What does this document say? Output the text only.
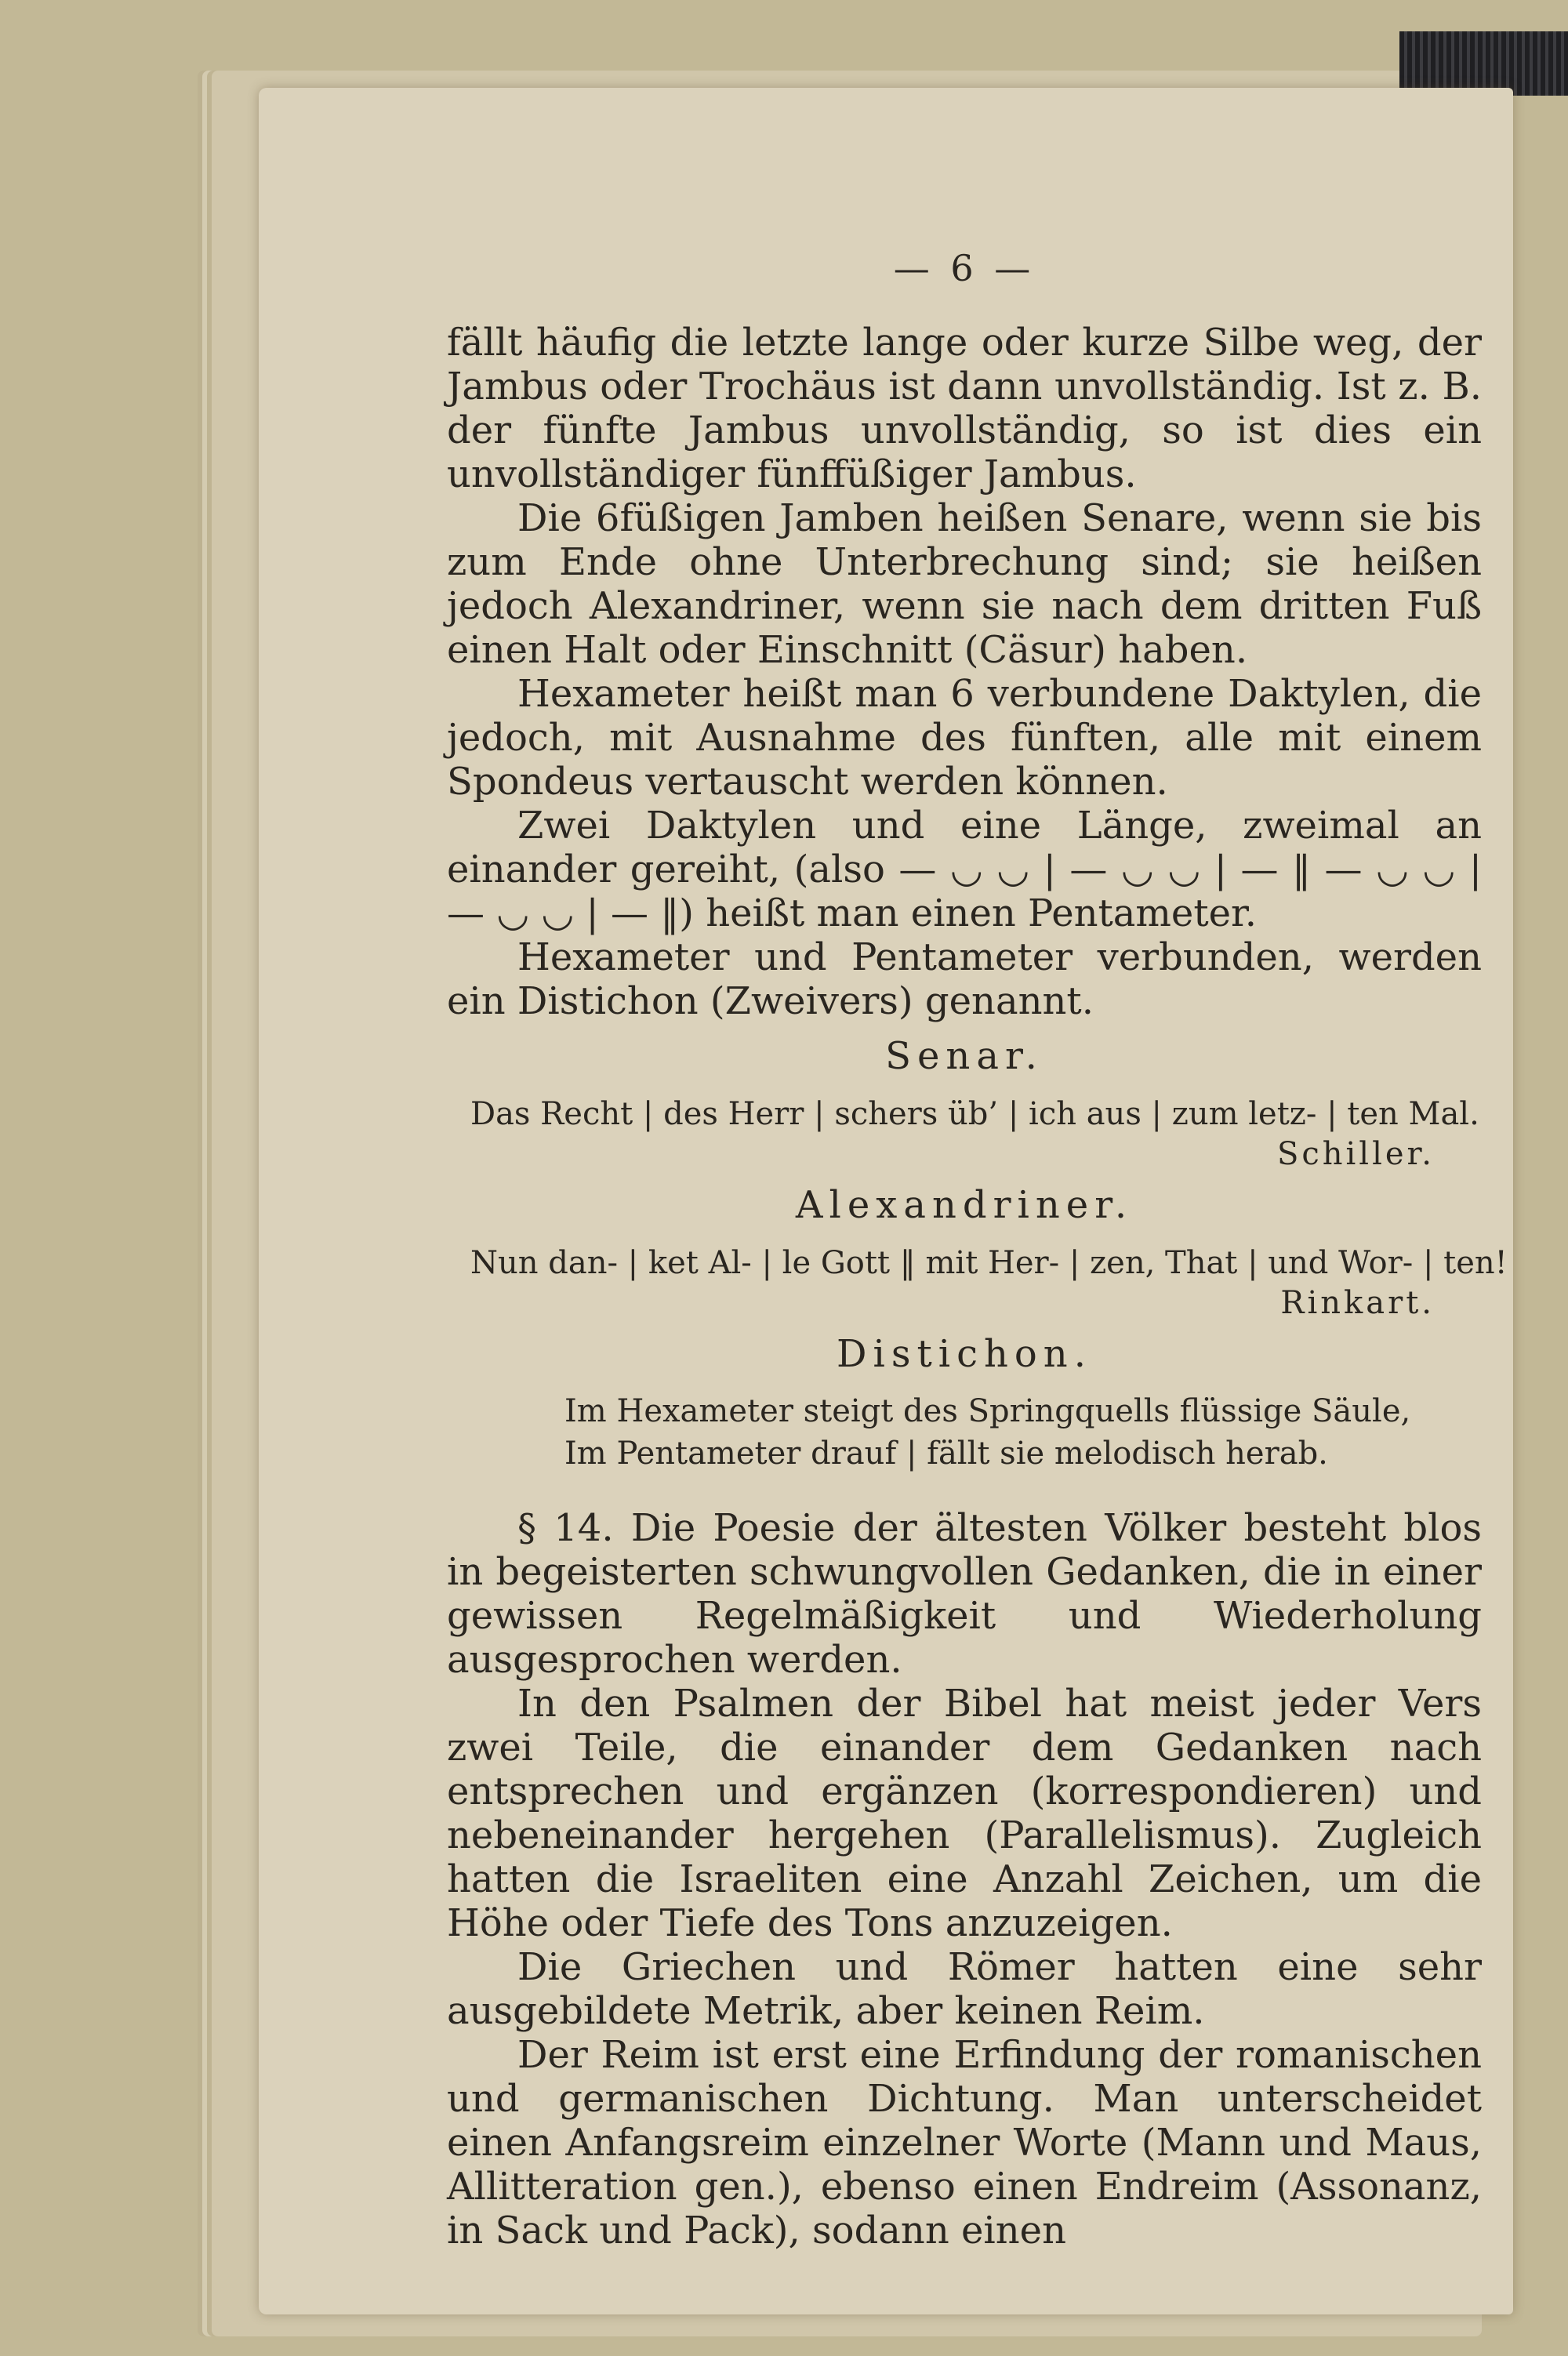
— 6 —

fällt häufig die letzte lange oder kurze Silbe weg, der Jambus oder Trochäus ist dann unvollständig. Ist z. B. der fünfte Jambus unvollständig, so ist dies ein unvollständiger fünffüßiger Jambus.

Die 6füßigen Jamben heißen Senare, wenn sie bis zum Ende ohne Unterbrechung sind; sie heißen jedoch Alexandriner, wenn sie nach dem dritten Fuß einen Halt oder Einschnitt (Cäsur) haben.

Hexameter heißt man 6 verbundene Daktylen, die jedoch, mit Ausnahme des fünften, alle mit einem Spondeus vertauscht werden können.

Zwei Daktylen und eine Länge, zweimal an einander gereiht, (also — ◡ ◡ | — ◡ ◡ | — ‖ — ◡ ◡ | — ◡ ◡ | — ‖) heißt man einen Pentameter.

Hexameter und Pentameter verbunden, werden ein Distichon (Zweivers) genannt.

Senar.
Das Recht | des Herr | schers üb’ | ich aus | zum letz- | ten Mal.
Schiller.
Alexandriner.
Nun dan- | ket Al- | le Gott ‖ mit Her- | zen, That | und Wor- | ten!
Rinkart.
Distichon.
Im Hexameter steigt des Springquells flüssige Säule,
Im Pentameter drauf | fällt sie melodisch herab.

§ 14. Die Poesie der ältesten Völker besteht blos in begeisterten schwungvollen Gedanken, die in einer gewissen Regelmäßigkeit und Wiederholung ausgesprochen werden.

In den Psalmen der Bibel hat meist jeder Vers zwei Teile, die einander dem Gedanken nach entsprechen und ergänzen (korrespondieren) und nebeneinander hergehen (Parallelismus). Zugleich hatten die Israeliten eine Anzahl Zeichen, um die Höhe oder Tiefe des Tons anzuzeigen.

Die Griechen und Römer hatten eine sehr ausgebildete Metrik, aber keinen Reim.

Der Reim ist erst eine Erfindung der romanischen und germanischen Dichtung. Man unterscheidet einen Anfangsreim einzelner Worte (Mann und Maus, Allitteration gen.), ebenso einen Endreim (Assonanz, in Sack und Pack), sodann einen
